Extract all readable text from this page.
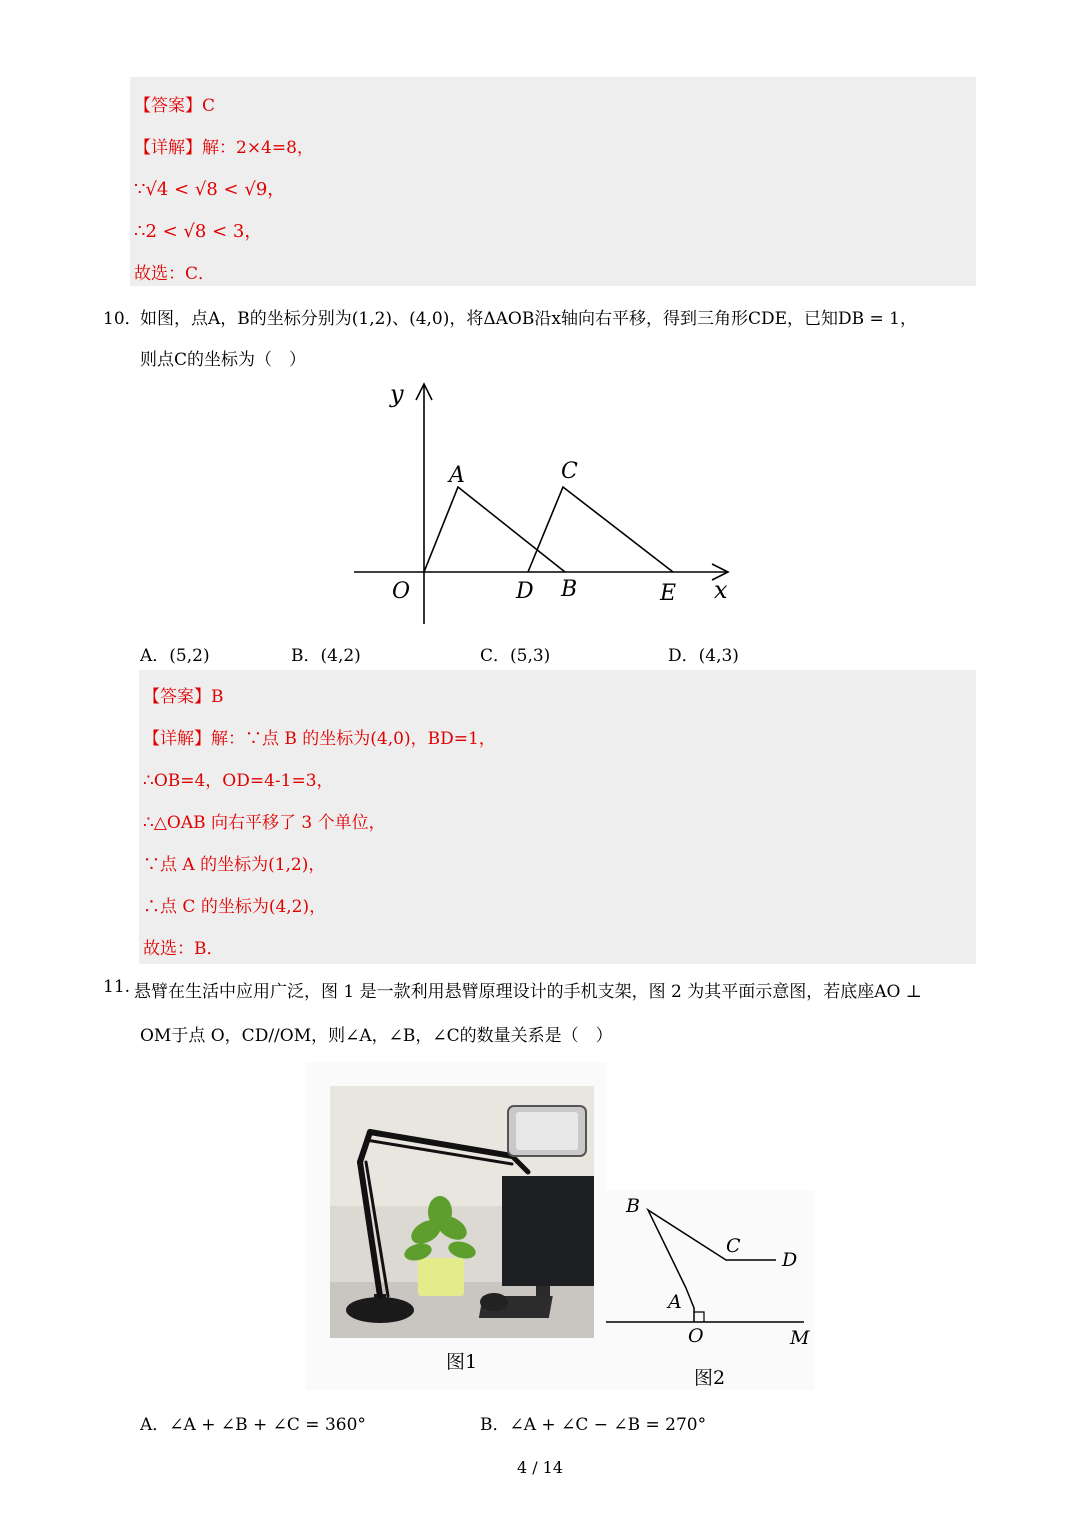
【答案】C
【详解】解：2×4=8，
∵√4 < √8 < √9，
∴2 < √8 < 3，
故选：C．
10．
如图，点A，B的坐标分别为(1,2)、(4,0)，将ΔAOB沿x轴向右平移，得到三角形CDE，已知DB = 1，
则点C的坐标为（　）
y
x
O
A	C
D B	E
A．(5,2)	B．(4,2)	C．(5,3)	D．(4,3)
【答案】B
【详解】解：∵点 B 的坐标为(4,0)，BD=1，
∴OB=4，OD=4-1=3，
∴△OAB 向右平移了 3 个单位，
∵点 A 的坐标为(1,2)，
∴点 C 的坐标为(4,2)，
故选：B．
11. 悬臂在生活中应用广泛，图 1 是一款利用悬臂原理设计的手机支架，图 2 为其平面示意图，若底座AO ⊥
OM于点 O，CD//OM，则∠A，∠B，∠C的数量关系是（　）
图1
B
C
D
A
O	M
图2
A．∠A + ∠B + ∠C = 360°	B．∠A + ∠C − ∠B = 270°
4 / 14
